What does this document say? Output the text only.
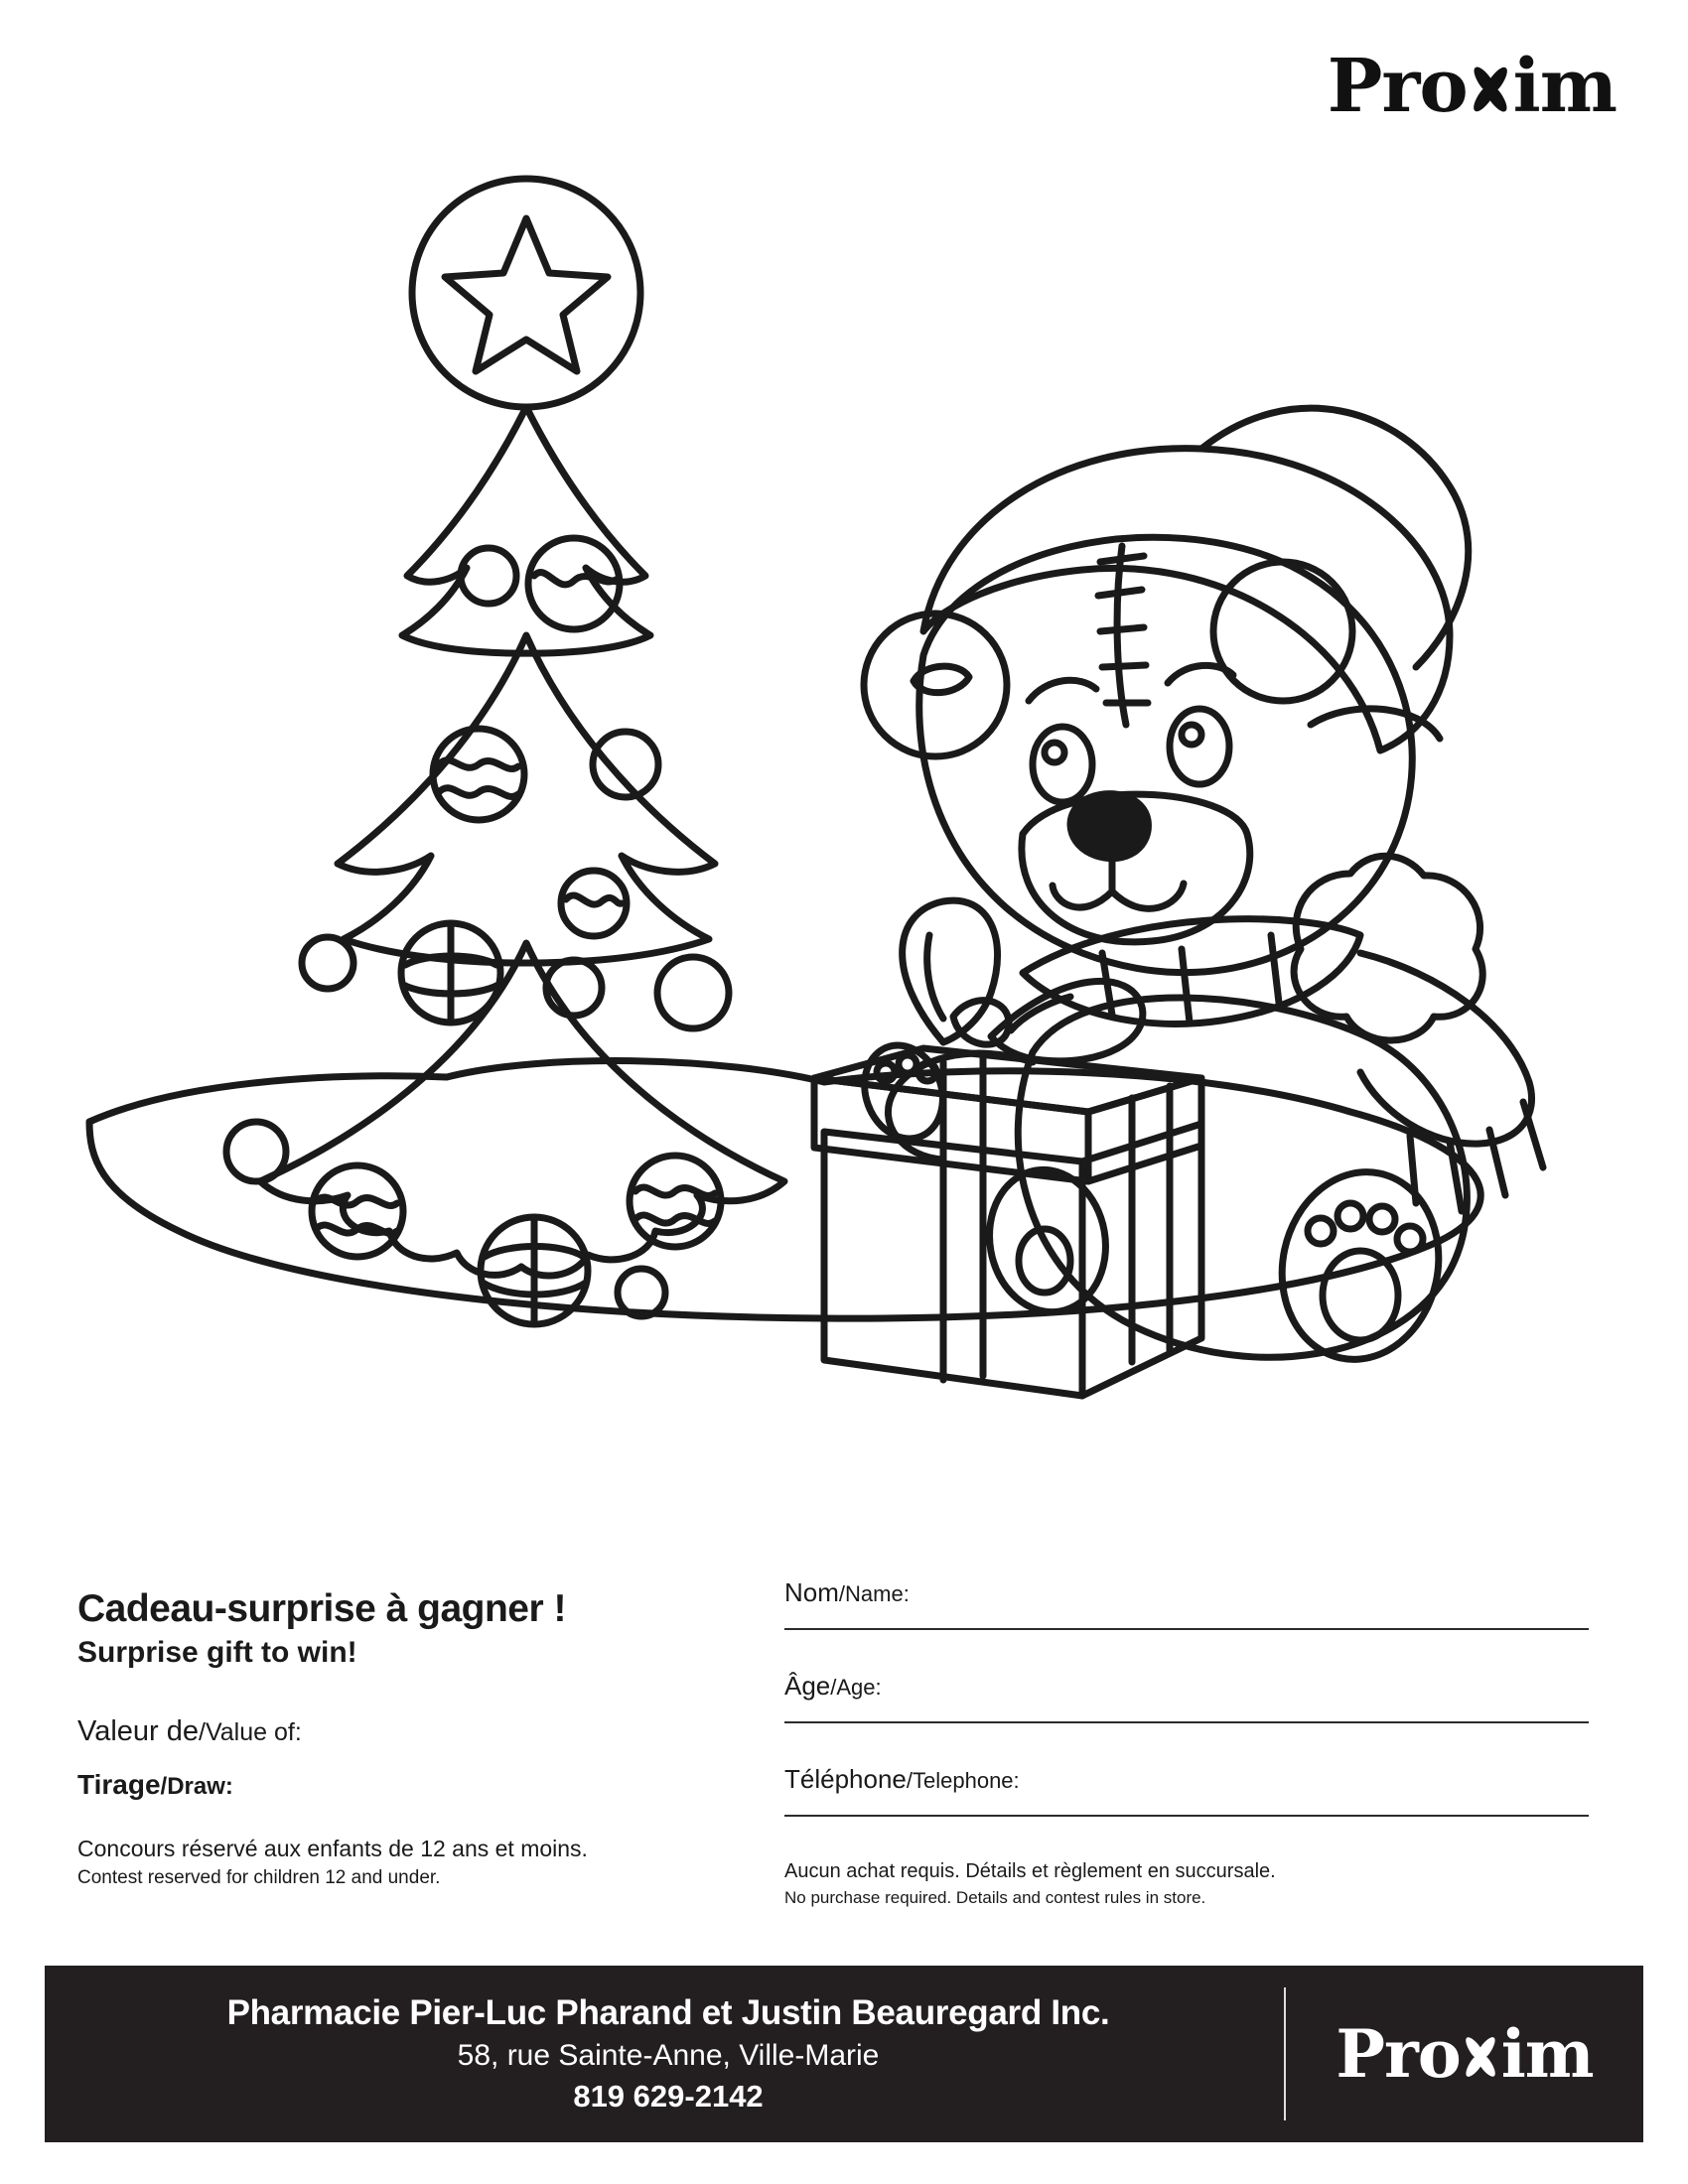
Pro im
Cadeau-surprise à gagner !
Surprise gift to win!
Valeur de/Value of:
Tirage/Draw:
Concours réservé aux enfants de 12 ans et moins.
Contest reserved for children 12 and under.
Nom/Name:
Âge/Age:
Téléphone/Telephone:
Aucun achat requis. Détails et règlement en succursale.
No purchase required. Details and contest rules in store.
Pharmacie Pier-Luc Pharand et Justin Beauregard Inc.
58, rue Sainte-Anne, Ville-Marie
819 629-2142
Pro im
